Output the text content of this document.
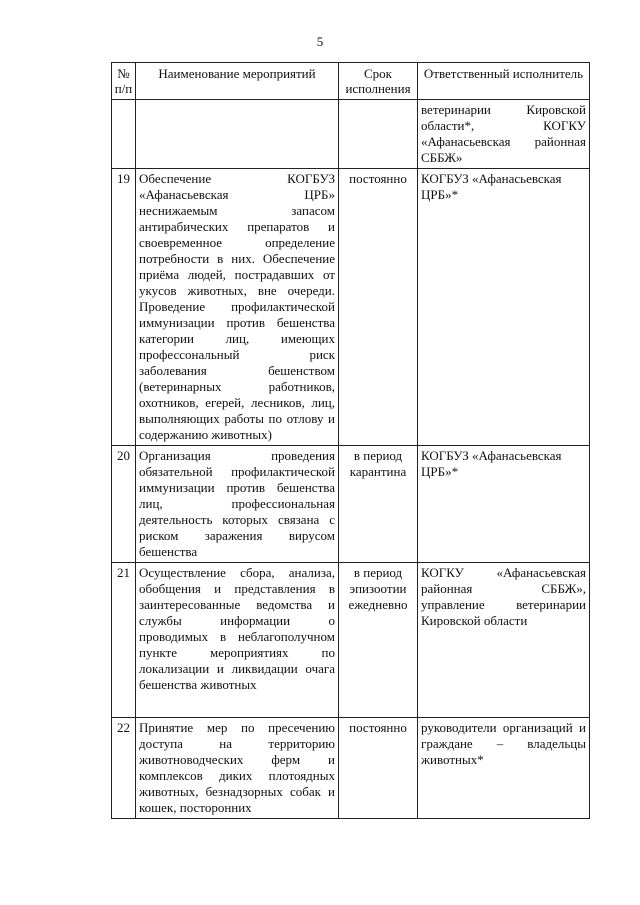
5
№ п/п	Наименование мероприятий	Срок исполнения	Ответственный исполнитель
			ветеринарии Кировской области*, КОГКУ «Афанасьевская районная СББЖ»
19	Обеспечение КОГБУЗ «Афанасьевская ЦРБ» неснижаемым запасом антирабических препаратов и своевременное определение потребности в них. Обеспечение приёма людей, пострадавших от укусов животных, вне очереди. Проведение профилактической иммунизации против бешенства категории лиц, имеющих профессональный риск заболевания бешенством (ветеринарных работников, охотников, егерей, лесников, лиц, выполняющих работы по отлову и содержанию животных)	постоянно	КОГБУЗ «Афанасьевская ЦРБ»*
20	Организация проведения обязательной профилактической иммунизации против бешенства лиц, профессиональная деятельность которых связана с риском заражения вирусом бешенства	в период карантина	КОГБУЗ «Афанасьевская ЦРБ»*
21	Осуществление сбора, анализа, обобщения и представления в заинтересованные ведомства и службы информации о проводимых в неблагополучном пункте мероприятиях по локализации и ликвидации очага бешенства животных	в период эпизоотии ежедневно	КОГКУ «Афанасьевская районная СББЖ», управление ветеринарии Кировской области
22	Принятие мер по пресечению доступа на территорию животноводческих ферм и комплексов диких плотоядных животных, безнадзорных собак и кошек, посторонних	постоянно	руководители организаций и граждане – владельцы животных*
